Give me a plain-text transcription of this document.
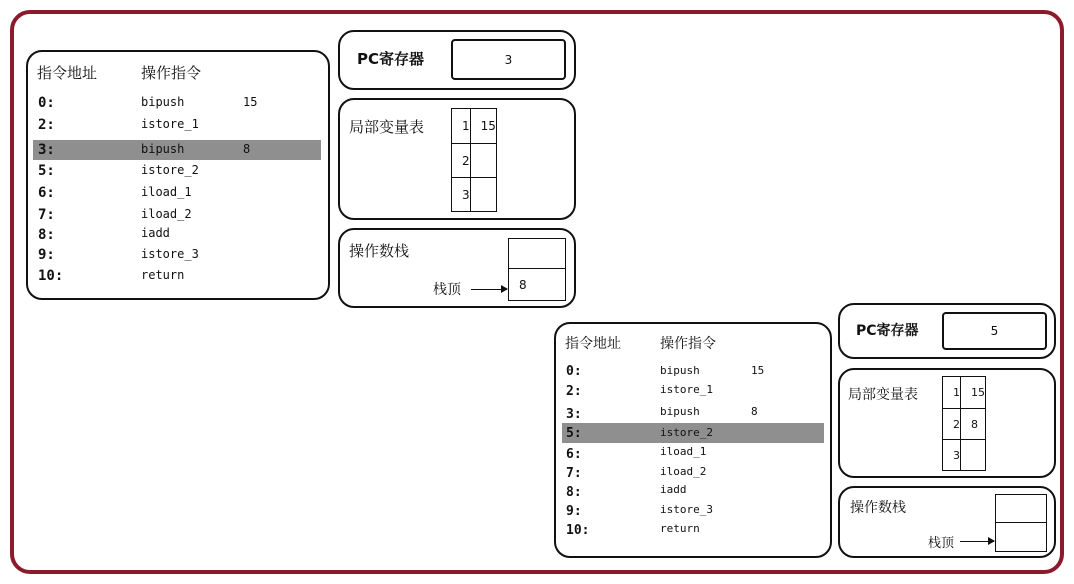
指令地址	操作指令
0:	bipush	15
2:	istore_1
3:	bipush	8
5:	istore_2
6:	iload_1
7:	iload_2
8:	iadd
9:	istore_3
10:	return
PC寄存器	3
局部变量表	1	15
2	
3	
操作数栈
8
栈顶
指令地址	操作指令
0:	bipush	15
2:	istore_1
3:	bipush	8
5:	istore_2
6:	iload_1
7:	iload_2
8:	iadd
9:	istore_3
10:	return
PC寄存器	5
局部变量表	1	15
2	8
3	
操作数栈
栈顶
